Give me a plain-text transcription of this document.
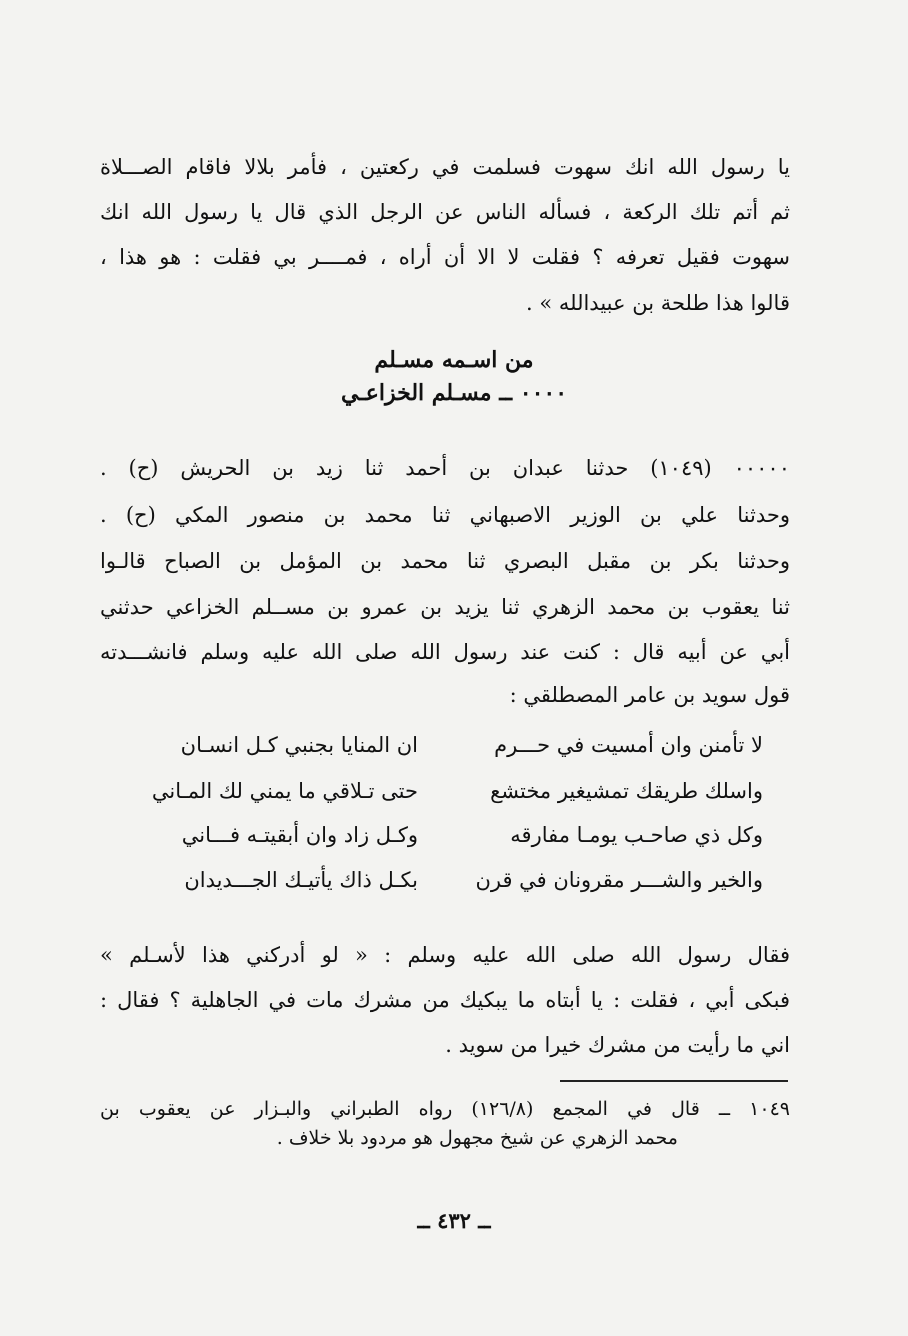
يا رسول الله انك سهوت فسلمت في ركعتين ، فأمر بلالا فاقام الصـــلاة
ثم أتم تلك الركعة ، فسأله الناس عن الرجل الذي قال يا رسول الله انك
سهوت فقيل تعرفه ؟ فقلت لا الا أن أراه ، فمــــر بي فقلت : هو هذا ،
قالوا هذا طلحة بن عبيدالله » .
من اسـمه مسـلم
٠٠٠٠ ــ مسـلم الخزاعـي
٠٠٠٠٠ (١٠٤٩) حدثنا عبدان بن أحمد ثنا زيد بن الحريش (ح) .
وحدثنا علي بن الوزير الاصبهاني ثنا محمد بن منصور المكي (ح) .
وحدثنا بكر بن مقبل البصري ثنا محمد بن المؤمل بن الصباح قالـوا
ثنا يعقوب بن محمد الزهري ثنا يزيد بن عمرو بن مســلم الخزاعي حدثني
أبي عن أبيه قال : كنت عند رسول الله صلى الله عليه وسلم فانشـــدته
قول سويد بن عامر المصطلقي :
لا تأمنن وان أمسيت في حـــرم
ان المنايا بجنبي كـل انسـان
واسلك طريقك تمشيغير مختشع
حتى تـلاقي ما يمني لك المـاني
وكل ذي صاحـب يومـا مفارقه
وكـل زاد وان أبقيتـه فـــاني
والخير والشـــر مقرونان في قرن
بكـل ذاك يأتيـك الجـــديدان
فقال رسول الله صلى الله عليه وسلم : « لو أدركني هذا لأسـلم »
فبكى أبي ، فقلت : يا أبتاه ما يبكيك من مشرك مات في الجاهلية ؟ فقال :
اني ما رأيت من مشرك خيرا من سويد .
١٠٤٩ ــ قال في المجمع (١٢٦/٨) رواه الطبراني والبـزار عن يعقوب بن
محمد الزهري عن شيخ مجهول هو مردود بلا خلاف .
ــ ٤٣٢ ــ
